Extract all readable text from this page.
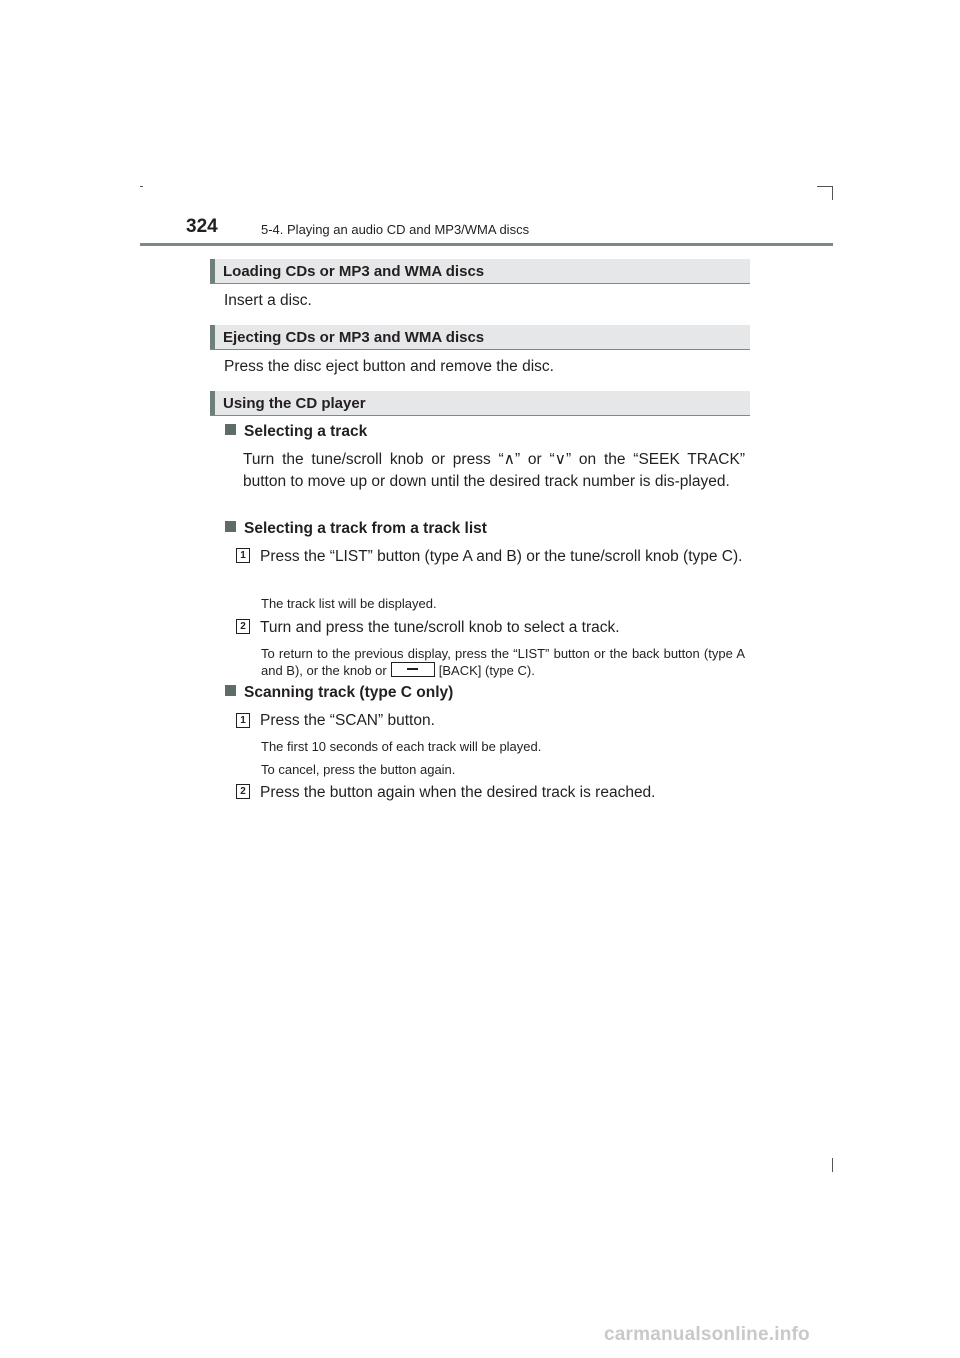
324	5-4. Playing an audio CD and MP3/WMA discs
Loading CDs or MP3 and WMA discs
Insert a disc.
Ejecting CDs or MP3 and WMA discs
Press the disc eject button and remove the disc.
Using the CD player
Selecting a track
Turn the tune/scroll knob or press “∧” or “∨” on the “SEEK TRACK” button to move up or down until the desired track number is dis-played.
Selecting a track from a track list
1 Press the “LIST” button (type A and B) or the tune/scroll knob (type C).
The track list will be displayed.
2 Turn and press the tune/scroll knob to select a track.
To return to the previous display, press the “LIST” button or the back button (type A and B), or the knob or	[BACK] (type C).
Scanning track (type C only)
1 Press the “SCAN” button.
The first 10 seconds of each track will be played.
To cancel, press the button again.
2 Press the button again when the desired track is reached.
carmanualsonline.info
